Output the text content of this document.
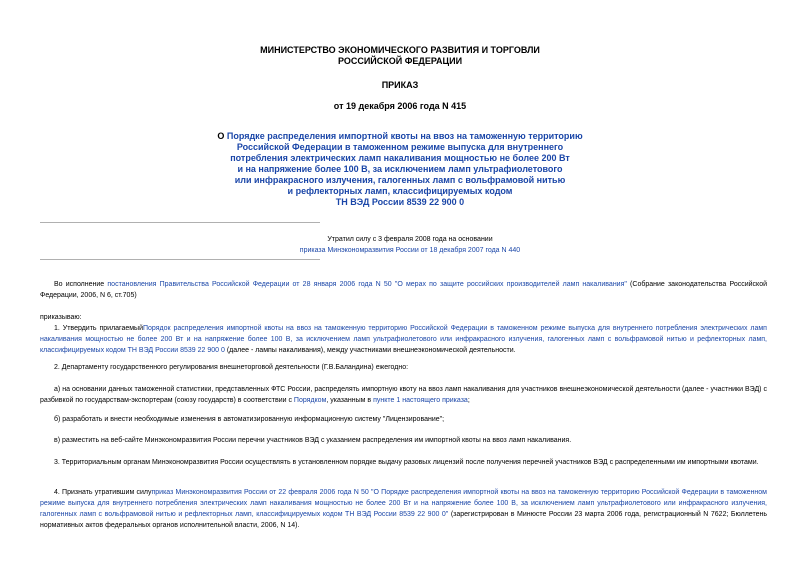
МИНИСТЕРСТВО ЭКОНОМИЧЕСКОГО РАЗВИТИЯ И ТОРГОВЛИ
РОССИЙСКОЙ ФЕДЕРАЦИИ
ПРИКАЗ
от 19 декабря 2006 года N 415
О Порядке распределения импортной квоты на ввоз на таможенную территорию
Российской Федерации в таможенном режиме выпуска для внутреннего
потребления электрических ламп накаливания мощностью не более 200 Вт
и на напряжение более 100 В, за исключением ламп ультрафиолетового
или инфракрасного излучения, галогенных ламп с вольфрамовой нитью
и рефлекторных ламп, классифицируемых кодом
ТН ВЭД России 8539 22 900 0
Утратил силу с 3 февраля 2008 года на основании
приказа Минэкономразвития России от 18 декабря 2007 года N 440
Во исполнение постановления Правительства Российской Федерации от 28 января 2006 года N 50 "О мерах по защите российских производителей ламп накаливания" (Собрание законодательства Российской Федерации, 2006, N 6, ст.705)
приказываю:
1. Утвердить прилагаемыйПорядок распределения импортной квоты на ввоз на таможенную территорию Российской Федерации в таможенном режиме выпуска для внутреннего потребления электрических ламп накаливания мощностью не более 200 Вт и на напряжение более 100 В, за исключением ламп ультрафиолетового или инфракрасного излучения, галогенных ламп с вольфрамовой нитью и рефлекторных ламп, классифицируемых кодом ТН ВЭД России 8539 22 900 0 (далее - лампы накаливания), между участниками внешнеэкономической деятельности.
2. Департаменту государственного регулирования внешнеторговой деятельности (Г.В.Баландина) ежегодно:
а) на основании данных таможенной статистики, представленных ФТС России, распределять импортную квоту на ввоз ламп накаливания для участников внешнеэкономической деятельности (далее - участники ВЭД) с разбивкой по государствам-экспортерам (союзу государств) в соответствии с Порядком, указанным в пункте 1 настоящего приказа;
б) разработать и внести необходимые изменения в автоматизированную информационную систему "Лицензирование";
в) разместить на веб-сайте Минэкономразвития России перечни участников ВЭД с указанием распределения им импортной квоты на ввоз ламп накаливания.
3. Территориальным органам Минэкономразвития России осуществлять в установленном порядке выдачу разовых лицензий после получения перечней участников ВЭД с распределенными им импортными квотами.
4. Признать утратившим силуприказ Минэкономразвития России от 22 февраля 2006 года N 50 "О Порядке распределения импортной квоты на ввоз на таможенную территорию Российской Федерации в таможенном режиме выпуска для внутреннего потребления электрических ламп накаливания мощностью не более 200 Вт и на напряжение более 100 В, за исключением ламп ультрафиолетового или инфракрасного излучения, галогенных ламп с вольфрамовой нитью и рефлекторных ламп, классифицируемых кодом ТН ВЭД России 8539 22 900 0" (зарегистрирован в Минюсте России 23 марта 2006 года, регистрационный N 7622; Бюллетень нормативных актов федеральных органов исполнительной власти, 2006, N 14).
